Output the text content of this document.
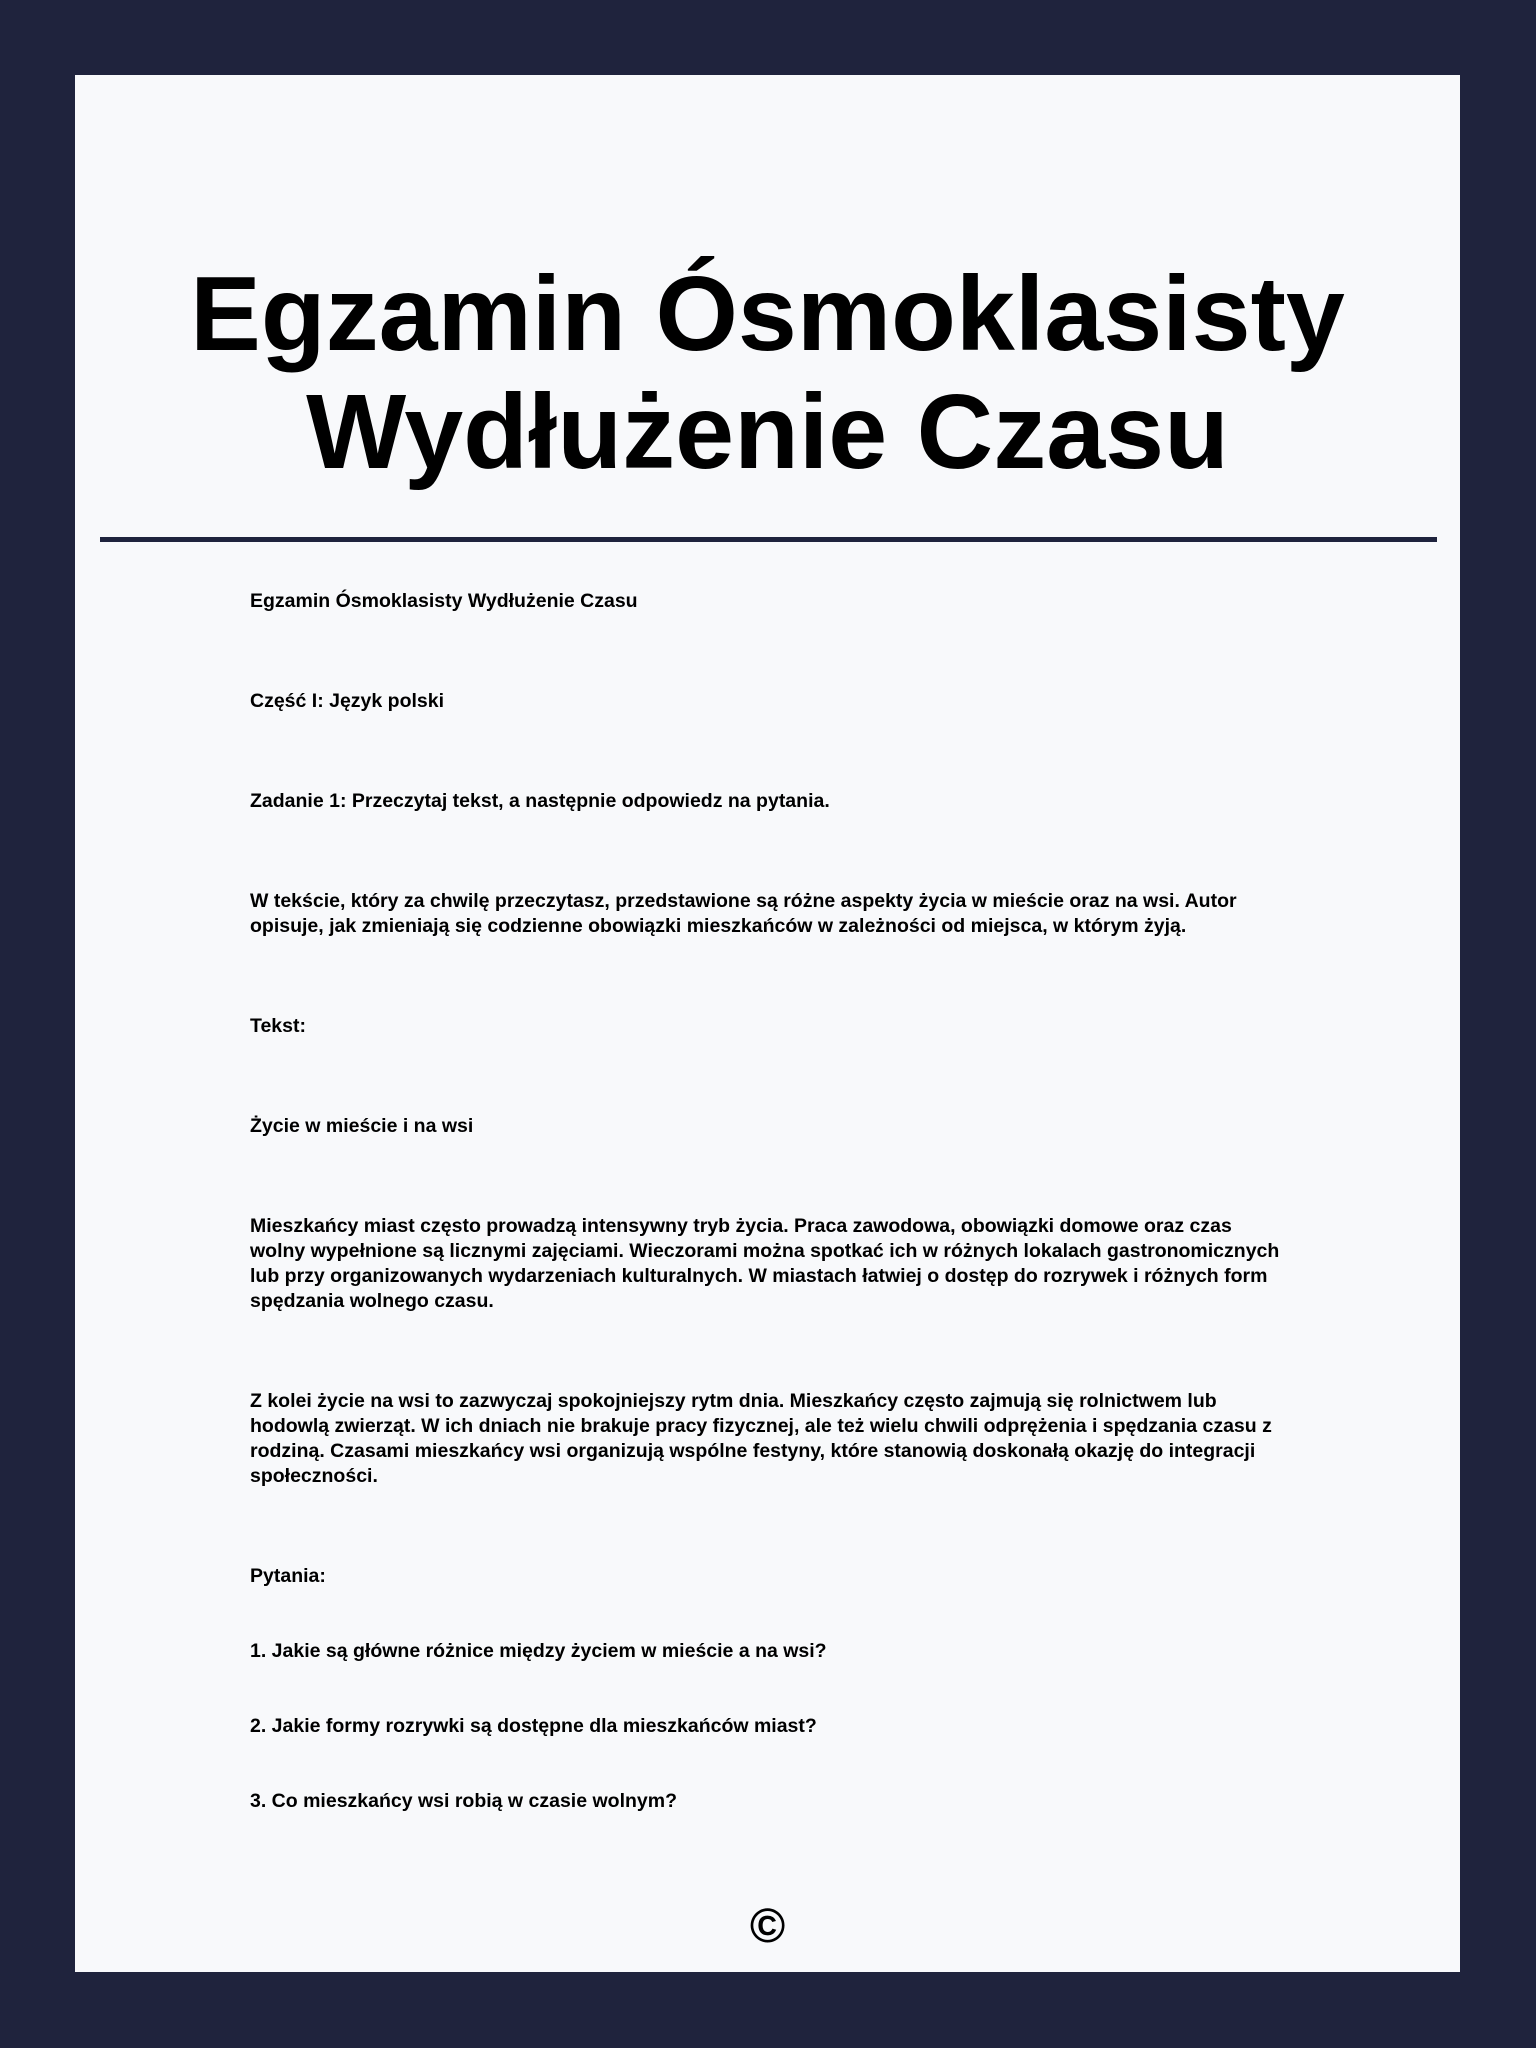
Egzamin Ósmoklasisty
Wydłużenie Czasu

Egzamin Ósmoklasisty Wydłużenie Czasu

Część I: Język polski

Zadanie 1: Przeczytaj tekst, a następnie odpowiedz na pytania.

W tekście, który za chwilę przeczytasz, przedstawione są różne aspekty życia w mieście oraz na wsi. Autor opisuje, jak zmieniają się codzienne obowiązki mieszkańców w zależności od miejsca, w którym żyją.

Tekst:

Życie w mieście i na wsi

Mieszkańcy miast często prowadzą intensywny tryb życia. Praca zawodowa, obowiązki domowe oraz czas wolny wypełnione są licznymi zajęciami. Wieczorami można spotkać ich w różnych lokalach gastronomicznych lub przy organizowanych wydarzeniach kulturalnych. W miastach łatwiej o dostęp do rozrywek i różnych form spędzania wolnego czasu.

Z kolei życie na wsi to zazwyczaj spokojniejszy rytm dnia. Mieszkańcy często zajmują się rolnictwem lub hodowlą zwierząt. W ich dniach nie brakuje pracy fizycznej, ale też wielu chwili odprężenia i spędzania czasu z rodziną. Czasami mieszkańcy wsi organizują wspólne festyny, które stanowią doskonałą okazję do integracji społeczności.

Pytania:

1. Jakie są główne różnice między życiem w mieście a na wsi?

2. Jakie formy rozrywki są dostępne dla mieszkańców miast?

3. Co mieszkańcy wsi robią w czasie wolnym?

©
